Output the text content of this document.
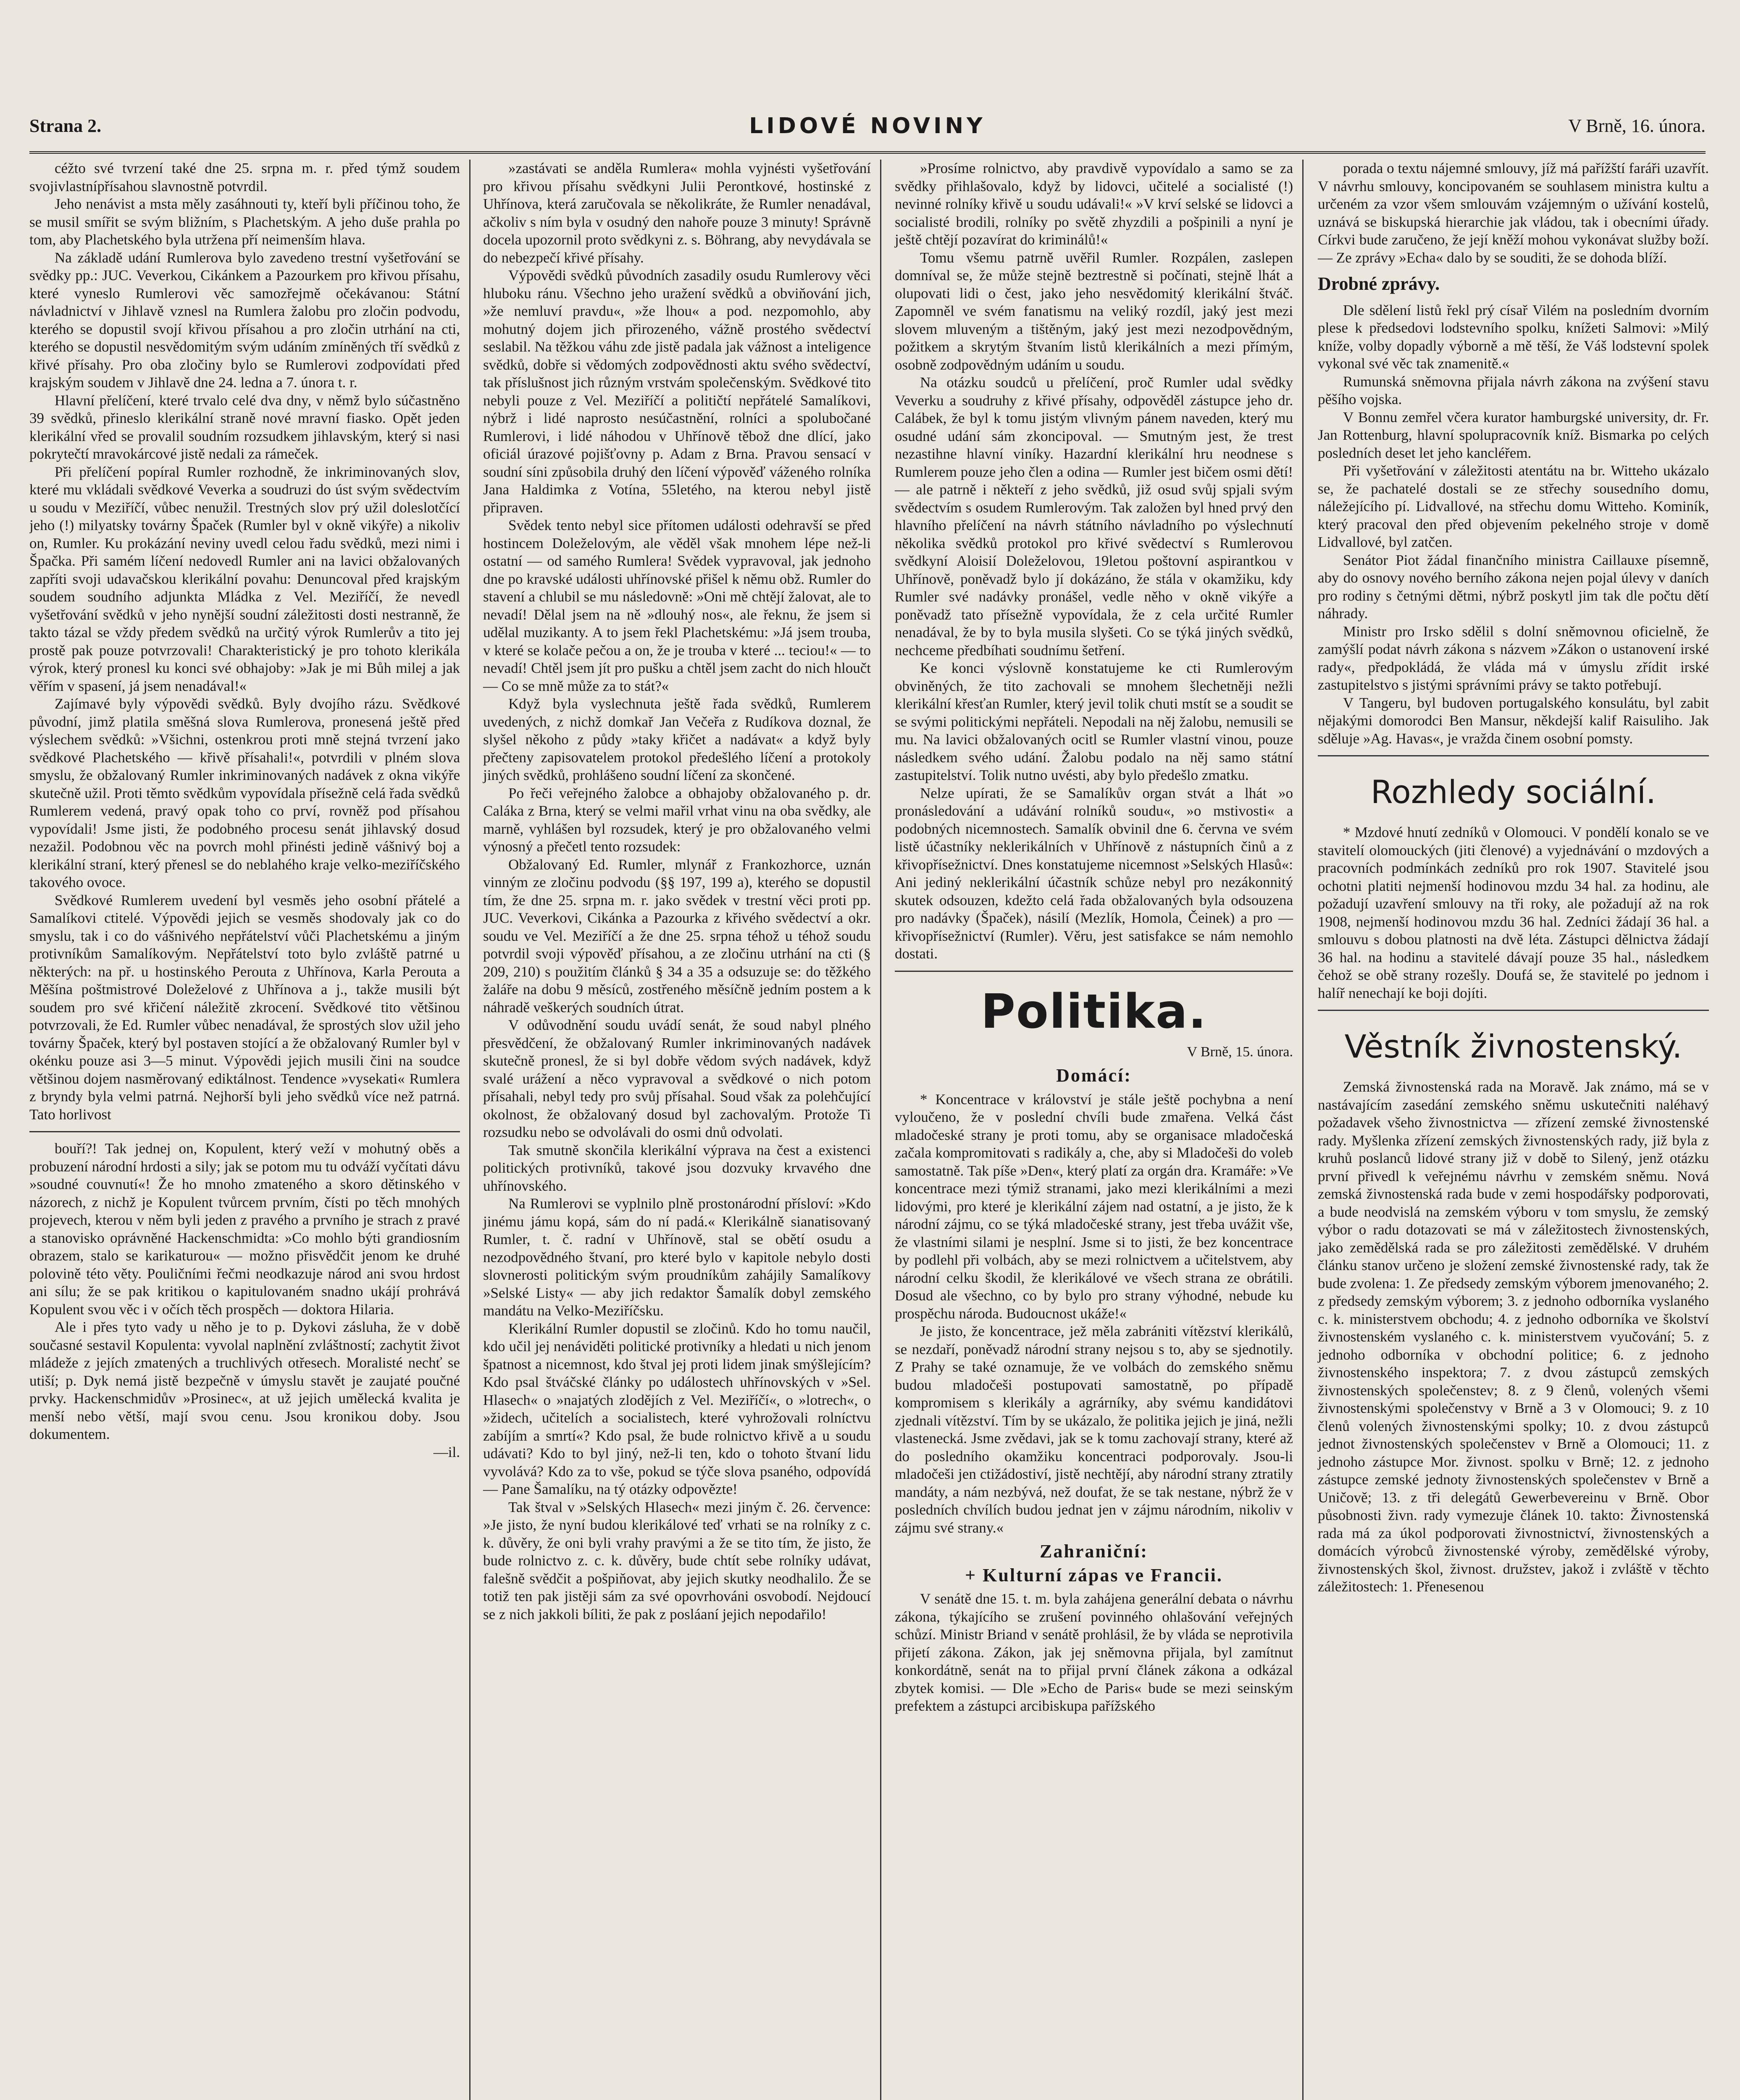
Strana 2.	LIDOVÉ NOVINY	V Brně, 16. února.

céžto své tvrzení také dne 25. srpna m. r. před týmž soudem svojivlastnípřísahou slavnostně potvrdil.

Jeho nenávist a msta měly zasáhnouti ty, kteří byli příčinou toho, že se musil smířit se svým bližním, s Plachetským. A jeho duše prahla po tom, aby Plachetského byla utržena pří neimenším hlava.

Na základě udání Rumlerova bylo zavedeno trestní vyšetřování se svědky pp.: JUC. Veverkou, Cikánkem a Pazourkem pro křivou přísahu, které vyneslo Rumlerovi věc samozřejmě očekávanou: Státní návladnictví v Jihlavě vznesl na Rumlera žalobu pro zločin podvodu, kterého se dopustil svojí křivou přísahou a pro zločin utrhání na cti, kterého se dopustil nesvědomitým svým udáním zmíněných tří svědků z křivé přísahy. Pro oba zločiny bylo se Rumlerovi zodpovídati před krajským soudem v Jihlavě dne 24. ledna a 7. února t. r.

Hlavní přelíčení, které trvalo celé dva dny, v němž bylo súčastněno 39 svědků, přineslo klerikální straně nové mravní fiasko. Opět jeden klerikální vřed se provalil soudním rozsudkem jihlavským, který si nasi pokrytečtí mravokárcové jistě nedali za rámeček.

Při přelíčení popíral Rumler rozhodně, že inkriminovaných slov, které mu vkládali svědkové Veverka a soudruzi do úst svým svědectvím u soudu v Meziříčí, vůbec nenužil. Trestných slov prý užil doleslotčící jeho (!) milyatsky továrny Špaček (Rumler byl v okně vikýře) a nikoliv on, Rumler. Ku prokázání neviny uvedl celou řadu svědků, mezi nimi i Špačka. Při samém líčení nedovedl Rumler ani na lavici obžalovaných zapříti svoji udavačskou klerikální povahu: Denuncoval před krajským soudem soudního adjunkta Mládka z Vel. Meziříčí, že nevedl vyšetřování svědků v jeho nynější soudní záležitosti dosti nestranně, že takto tázal se vždy předem svědků na určitý výrok Rumlerův a tito jej prostě pak pouze potvrzovali! Charakteristický je pro tohoto klerikála výrok, který pronesl ku konci své obhajoby: »Jak je mi Bůh milej a jak věřím v spasení, já jsem nenadával!«

Zajímavé byly výpovědi svědků. Byly dvojího rázu. Svědkové původní, jimž platila směšná slova Rumlerova, pronesená ještě před výslechem svědků: »Všichni, ostenkrou proti mně stejná tvrzení jako svědkové Plachetského — křivě přísahali!«, potvrdili v plném slova smyslu, že obžalovaný Rumler inkriminovaných nadávek z okna vikýře skutečně užil. Proti těmto svědkům vypovídala přísežně celá řada svědků Rumlerem vedená, pravý opak toho co prví, rovněž pod přísahou vypovídali! Jsme jisti, že podobného procesu senát jihlavský dosud nezažil. Podobnou věc na povrch mohl přinésti jedině vášnivý boj a klerikální straní, který přenesl se do neblahého kraje velko-meziříčského takového ovoce.

Svědkové Rumlerem uvedení byl vesměs jeho osobní přátelé a Samalíkovi ctitelé. Výpovědi jejich se vesměs shodovaly jak co do smyslu, tak i co do vášnivého nepřátelství vůči Plachetskému a jiným protivníkům Samalíkovým. Nepřátelství toto bylo zvláště patrné u některých: na př. u hostinského Perouta z Uhřínova, Karla Perouta a Měšína poštmistrové Doleželové z Uhřínova a j., takže musili být soudem pro své křičení náležitě zkrocení. Svědkové tito většinou potvrzovali, že Ed. Rumler vůbec nenadával, že sprostých slov užil jeho továrny Špaček, který byl postaven stojící a že obžalovaný Rumler byl v okénku pouze asi 3—5 minut. Výpovědi jejich musili čini na soudce většinou dojem nasměrovaný ediktálnost. Tendence »vysekati« Rumlera z bryndy byla velmi patrná. Nejhorší byli jeho svědků více než patrná. Tato horlivost

bouří?! Tak jednej on, Kopulent, který veží v mohutný oběs a probuzení národní hrdosti a sily; jak se potom mu tu odváží vyčítati dávu »soudné couvnutí«! Že ho mnoho zmateného a skoro dětinského v názorech, z nichž je Kopulent tvůrcem prvním, čísti po těch mnohých projevech, kterou v něm byli jeden z pravého a prvního je strach z pravé a stanovisko oprávněné Hackenschmidta: »Co mohlo býti grandiosním obrazem, stalo se karikaturou« — možno přisvědčit jenom ke druhé polovině této věty. Pouličními řečmi neodkazuje národ ani svou hrdost ani sílu; že se pak kritikou o kapitulovaném snadno ukájí prohrává Kopulent svou věc i v očích těch prospěch — doktora Hilaria.

Ale i přes tyto vady u něho je to p. Dykovi zásluha, že v době současné sestavil Kopulenta: vyvolal naplnění zvláštností; zachytit život mládeže z jejích zmatených a truchlivých otřesech. Moralisté nechť se utiší; p. Dyk nemá jistě bezpečně v úmyslu stavět je zaujaté poučné prvky. Hackenschmidův »Prosinec«, at už jejich umělecká kvalita je menší nebo větší, mají svou cenu. Jsou kronikou doby. Jsou dokumentem.

—il.

»zastávati se anděla Rumlera« mohla vyjnésti vyšetřování pro křivou přísahu svědkyni Julii Perontkové, hostinské z Uhřínova, která zaručovala se několikráte, že Rumler nenadával, ačkoliv s ním byla v osudný den nahoře pouze 3 minuty! Správně docela upozornil proto svědkyni z. s. Böhrang, aby nevydávala se do nebezpečí křivé přísahy.

Výpovědi svědků původních zasadily osudu Rumlerovy věci hluboku ránu. Všechno jeho uražení svědků a obviňování jich, »že nemluví pravdu«, »že lhou« a pod. nezpomohlo, aby mohutný dojem jich přirozeného, vážně prostého svědectví seslabil. Na těžkou váhu zde jistě padala jak vážnost a inteligence svědků, dobře si vědomých zodpovědnosti aktu svého svědectví, tak příslušnost jich různým vrstvám společenským. Svědkové tito nebyli pouze z Vel. Meziříčí a političtí nepřátelé Samalíkovi, nýbrž i lidé naprosto nesúčastnění, rolníci a spolubočané Rumlerovi, i lidé náhodou v Uhřínově těbož dne dlící, jako oficiál úrazové pojišťovny p. Adam z Brna. Pravou sensací v soudní síni způsobila druhý den líčení výpověď váženého rolníka Jana Haldimka z Votína, 55letého, na kterou nebyl jistě připraven.

Svědek tento nebyl sice přítomen události odehravší se před hostincem Doleželovým, ale věděl však mnohem lépe než-li ostatní — od samého Rumlera! Svědek vypravoval, jak jednoho dne po kravské události uhřínovské přišel k němu obž. Rumler do stavení a chlubil se mu následovně: »Oni mě chtějí žalovat, ale to nevadí! Dělal jsem na ně »dlouhý nos«, ale řeknu, že jsem si udělal muzikanty. A to jsem řekl Plachetskému: »Já jsem trouba, v které se kolače pečou a on, že je trouba v které ... teciou!« — to nevadí! Chtěl jsem jít pro pušku a chtěl jsem zacht do nich hloučt — Co se mně může za to stát?«

Když byla vyslechnuta ještě řada svědků, Rumlerem uvedených, z nichž domkař Jan Večeřa z Rudíkova doznal, že slyšel někoho z půdy »taky křičet a nadávat« a když byly přečteny zapisovatelem protokol předešlého líčení a protokoly jiných svědků, prohlášeno soudní líčení za skončené.

Po řeči veřejného žalobce a obhajoby obžalovaného p. dr. Caláka z Brna, který se velmi mařil vrhat vinu na oba svědky, ale marně, vyhlášen byl rozsudek, který je pro obžalovaného velmi výnosný a přečetl tento rozsudek:

Obžalovaný Ed. Rumler, mlynář z Frankozhorce, uznán vinným ze zločinu podvodu (§§ 197, 199 a), kterého se dopustil tím, že dne 25. srpna m. r. jako svědek v trestní věci proti pp. JUC. Veverkovi, Cikánka a Pazourka z křivého svědectví a okr. soudu ve Vel. Meziříčí a že dne 25. srpna téhož u téhož soudu potvrdil svoji výpověď přísahou, a ze zločinu utrhání na cti (§ 209, 210) s použitím článků § 34 a 35 a odsuzuje se: do těžkého žaláře na dobu 9 měsíců, zostřeného měsíčně jedním postem a k náhradě veškerých soudních útrat.

V odůvodnění soudu uvádí senát, že soud nabyl plného přesvědčení, že obžalovaný Rumler inkriminovaných nadávek skutečně pronesl, že si byl dobře vědom svých nadávek, když svalé urážení a něco vypravoval a svědkové o nich potom přísahali, nebyl tedy pro svůj přísahal. Soud však za polehčující okolnost, že obžalovaný dosud byl zachovalým. Protože Ti rozsudku nebo se odvolávali do osmi dnů odvolati.

Tak smutně skončila klerikální výprava na čest a existenci politických protivníků, takové jsou dozvuky krvavého dne uhřínovského.

Na Rumlerovi se vyplnilo plně prostonárodní přísloví: »Kdo jinému jámu kopá, sám do ní padá.« Klerikálně sianatisovaný Rumler, t. č. radní v Uhřínově, stal se obětí osudu a nezodpovědného štvaní, pro které bylo v kapitole nebylo dosti slovnerosti politickým svým proudníkům zahájily Samalíkovy »Selské Listy« — aby jich redaktor Šamalík dobyl zemského mandátu na Velko-Meziříčsku.

Klerikální Rumler dopustil se zločinů. Kdo ho tomu naučil, kdo učil jej nenáviděti politické protivníky a hledati u nich jenom špatnost a nicemnost, kdo štval jej proti lidem jinak smýšlejícím? Kdo psal štváčské články po událostech uhřínovských v »Sel. Hlasech« o »najatých zlodějích z Vel. Meziříčí«, o »lotrech«, o »židech, učitelích a socialistech, které vyhrožovali rolníctvu zabíjím a smrtí«? Kdo psal, že bude rolnictvo křivě a u soudu udávati? Kdo to byl jiný, než-li ten, kdo o tohoto štvaní lidu vyvolává? Kdo za to vše, pokud se týče slova psaného, odpovídá — Pane Šamalíku, na tý otázky odpovězte!

Tak štval v »Selských Hlasech« mezi jiným č. 26. července: »Je jisto, že nyní budou klerikálové teď vrhati se na rolníky z c. k. důvěry, že oni byli vrahy pravými a že se tito tím, že jisto, že bude rolnictvo z. c. k. důvěry, bude chtít sebe rolníky udávat, falešně svědčit a pošpiňovat, aby jejich skutky neodhalilo. Že se totiž ten pak jistěji sám za své opovrhováni osvobodí. Nejdoucí se z nich jakkoli bíliti, že pak z posláaní jejich nepodařilo!

»Prosíme rolnictvo, aby pravdivě vypovídalo a samo se za svědky přihlašovalo, když by lidovci, učitelé a socialisté (!) nevinné rolníky křivě u soudu udávali!« »V krví selské se lidovci a socialisté brodili, rolníky po světě zhyzdili a pošpinili a nyní je ještě chtějí pozavírat do kriminálů!«

Tomu všemu patrně uvěřil Rumler. Rozpálen, zaslepen domníval se, že může stejně beztrestně si počínati, stejně lhát a olupovati lidi o čest, jako jeho nesvědomitý klerikální štváč. Zapomněl ve svém fanatismu na veliký rozdíl, jaký jest mezi slovem mluveným a tištěným, jaký jest mezi nezodpovědným, požitkem a skrytým štvaním listů klerikálních a mezi přímým, osobně zodpovědným udáním u soudu.

Na otázku soudců u přelíčení, proč Rumler udal svědky Veverku a soudruhy z křivé přísahy, odpověděl zástupce jeho dr. Calábek, že byl k tomu jistým vlivným pánem naveden, který mu osudné udání sám zkoncipoval. — Smutným jest, že trest nezastihne hlavní viníky. Hazardní klerikální hru neodnese s Rumlerem pouze jeho člen a odina — Rumler jest bičem osmi dětí! — ale patrně i někteří z jeho svědků, již osud svůj spjali svým svědectvím s osudem Rumlerovým. Tak založen byl hned prvý den hlavního přelíčení na návrh státního návladního po výslechnutí několika svědků protokol pro křivé svědectví s Rumlerovou svědkyní Aloisií Doleželovou, 19letou poštovní aspirantkou v Uhřínově, poněvadž bylo jí dokázáno, že stála v okamžiku, kdy Rumler své nadávky pronášel, vedle něho v okně vikýře a poněvadž tato přísežně vypovídala, že z cela určité Rumler nenadával, že by to byla musila slyšeti. Co se týká jiných svědků, nechceme předbíhati soudnímu šetření.

Ke konci výslovně konstatujeme ke cti Rumlerovým obviněných, že tito zachovali se mnohem šlechetněji nežli klerikální křesťan Rumler, který jevil tolik chuti mstít se a soudit se se svými politickými nepřáteli. Nepodali na něj žalobu, nemusili se mu. Na lavici obžalovaných ocitl se Rumler vlastní vinou, pouze následkem svého udání. Žalobu podalo na něj samo státní zastupitelství. Tolik nutno uvésti, aby bylo předešlo zmatku.

Nelze upírati, že se Samalíkův organ stvát a lhát »o pronásledování a udávání rolníků soudu«, »o mstivosti« a podobných nicemnostech. Samalík obvinil dne 6. června ve svém listě účastníky neklerikálních v Uhřínově z nástupních činů a z křivopřísežnictví. Dnes konstatujeme nicemnost »Selských Hlasů«: Ani jediný neklerikální účastník schůze nebyl pro nezákonnitý skutek odsouzen, kdežto celá řada obžalovaných byla odsouzena pro nadávky (Špaček), násilí (Mezlík, Homola, Čeinek) a pro — křivopřísežnictví (Rumler). Věru, jest satisfakce se nám nemohlo dostati.

Politika.
V Brně, 15. února.
Domácí:

* Koncentrace v království je stále ještě pochybna a není vyloučeno, že v poslední chvíli bude zmařena. Velká část mladočeské strany je proti tomu, aby se organisace mladočeská začala kompromitovati s radikály a, che, aby si Mladočeši do voleb samostatně. Tak píše »Den«, který platí za orgán dra. Kramáře: »Ve koncentrace mezi týmiž stranami, jako mezi klerikálními a mezi lidovými, pro které je klerikální zájem nad ostatní, a je jisto, že k národní zájmu, co se týká mladočeské strany, jest třeba uvážit vše, že vlastními silami je nesplní. Jsme si to jisti, že bez koncentrace by podlehl při volbách, aby se mezi rolnictvem a učitelstvem, aby národní celku škodil, že klerikálové ve všech strana ze obrátili. Dosud ale všechno, co by bylo pro strany výhodné, nebude ku prospěchu národa. Budoucnost ukáže!«

Je jisto, že koncentrace, jež měla zabrániti vítězství klerikálů, se nezdaří, poněvadž národní strany nejsou s to, aby se sjednotily. Z Prahy se také oznamuje, že ve volbách do zemského sněmu budou mladočeši postupovati samostatně, po případě kompromisem s klerikály a agrárníky, aby svému kandidátovi zjednali vítězství. Tím by se ukázalo, že politika jejich je jiná, nežli vlastenecká. Jsme zvědavi, jak se k tomu zachovají strany, které až do posledního okamžiku koncentraci podporovaly. Jsou-li mladočeši jen ctižádostiví, jistě nechtějí, aby národní strany ztratily mandáty, a nám nezbývá, než doufat, že se tak nestane, nýbrž že v posledních chvílích budou jednat jen v zájmu národním, nikoliv v zájmu své strany.«

Zahraniční:
+ Kulturní zápas ve Francii.

V senátě dne 15. t. m. byla zahájena generální debata o návrhu zákona, týkajícího se zrušení povinného ohlašování veřejných schůzí. Ministr Briand v senátě prohlásil, že by vláda se neprotivila přijetí zákona. Zákon, jak jej sněmovna přijala, byl zamítnut konkordátně, senát na to přijal první článek zákona a odkázal zbytek komisi. — Dle »Echo de Paris« bude se mezi seinským prefektem a zástupci arcibiskupa pařížského

porada o textu nájemné smlouvy, jíž má pařížští faráři uzavřít. V návrhu smlouvy, koncipovaném se souhlasem ministra kultu a určeném za vzor všem smlouvám vzájemným o užívání kostelů, uznává se biskupská hierarchie jak vládou, tak i obecními úřady. Církvi bude zaručeno, že její kněží mohou vykonávat služby boží. — Ze zprávy »Echa« dalo by se souditi, že se dohoda blíží.

Drobné zprávy.

Dle sdělení listů řekl prý císař Vilém na posledním dvorním plese k předsedovi lodstevního spolku, knížeti Salmovi: »Milý kníže, volby dopadly výborně a mě těší, že Váš lodstevní spolek vykonal své věc tak znamenitě.«

Rumunská sněmovna přijala návrh zákona na zvýšení stavu pěšího vojska.

V Bonnu zemřel včera kurator hamburgské university, dr. Fr. Jan Rottenburg, hlavní spolupracovník kníž. Bismarka po celých posledních deset let jeho kancléřem.

Při vyšetřování v záležitosti atentátu na br. Witteho ukázalo se, že pachatelé dostali se ze střechy sousedního domu, náležejícího pí. Lidvallové, na střechu domu Witteho. Kominík, který pracoval den před objevením pekelného stroje v domě Lidvallové, byl zatčen.

Senátor Piot žádal finančního ministra Caillauxe písemně, aby do osnovy nového berního zákona nejen pojal úlevy v daních pro rodiny s četnými dětmi, nýbrž poskytl jim tak dle počtu dětí náhrady.

Ministr pro Irsko sdělil s dolní sněmovnou oficielně, že zamýšlí podat návrh zákona s názvem »Zákon o ustanovení irské rady«, předpokládá, že vláda má v úmyslu zřídit irské zastupitelstvo s jistými správními právy se takto potřebují.

V Tangeru, byl budoven portugalského konsulátu, byl zabit nějakými domorodci Ben Mansur, někdejší kalif Raisuliho. Jak sděluje »Ag. Havas«, je vražda činem osobní pomsty.

Rozhledy sociální.

* Mzdové hnutí zedníků v Olomouci. V pondělí konalo se ve stavitelí olomouckých (jiti členové) a vyjednávání o mzdových a pracovních podmínkách zedníků pro rok 1907. Stavitelé jsou ochotni platiti nejmenší hodinovou mzdu 34 hal. za hodinu, ale požadují uzavření smlouvy na tři roky, ale požadují až na rok 1908, nejmenší hodinovou mzdu 36 hal. Zedníci žádají 36 hal. a smlouvu s dobou platnosti na dvě léta. Zástupci dělnictva žádají 36 hal. na hodinu a stavitelé dávají pouze 35 hal., následkem čehož se obě strany rozešly. Doufá se, že stavitelé po jednom i halíř nenechají ke boji dojíti.

Věstník živnostenský.

Zemská živnostenská rada na Moravě. Jak známo, má se v nastávajícím zasedání zemského sněmu uskutečniti naléhavý požadavek všeho živnostnictva — zřízení zemské živnostenské rady. Myšlenka zřízení zemských živnostenských rady, již byla z kruhů poslanců lidové strany již v době to Silený, jenž otázku první přivedl k veřejnému návrhu v zemském sněmu. Nová zemská živnostenská rada bude v zemi hospodářsky podporovati, a bude neodvislá na zemském výboru v tom smyslu, že zemský výbor o radu dotazovati se má v záležitostech živnostenských, jako zemědělská rada se pro záležitosti zemědělské. V druhém článku stanov určeno je složení zemské živnostenské rady, tak že bude zvolena: 1. Ze předsedy zemským výborem jmenovaného; 2. z předsedy zemským výborem; 3. z jednoho odborníka vyslaného c. k. ministerstvem obchodu; 4. z jednoho odborníka ve školství živnostenském vyslaného c. k. ministerstvem vyučování; 5. z jednoho odborníka v obchodní politice; 6. z jednoho živnostenského inspektora; 7. z dvou zástupců zemských živnostenských společenstev; 8. z 9 členů, volených všemi živnostenskými společenstvy v Brně a 3 v Olomouci; 9. z 10 členů volených živnostenskými spolky; 10. z dvou zástupců jednot živnostenských společenstev v Brně a Olomouci; 11. z jednoho zástupce Mor. živnost. spolku v Brně; 12. z jednoho zástupce zemské jednoty živnostenských společenstev v Brně a Uničově; 13. z tři delegátů Gewerbevereinu v Brně. Obor působnosti živn. rady vymezuje článek 10. takto: Živnostenská rada má za úkol podporovati živnostnictví, živnostenských a domácích výrobců živnostenské výroby, zemědělské výroby, živnostenských škol, živnost. družstev, jakož i zvláště v těchto záležitostech: 1. Přenesenou
